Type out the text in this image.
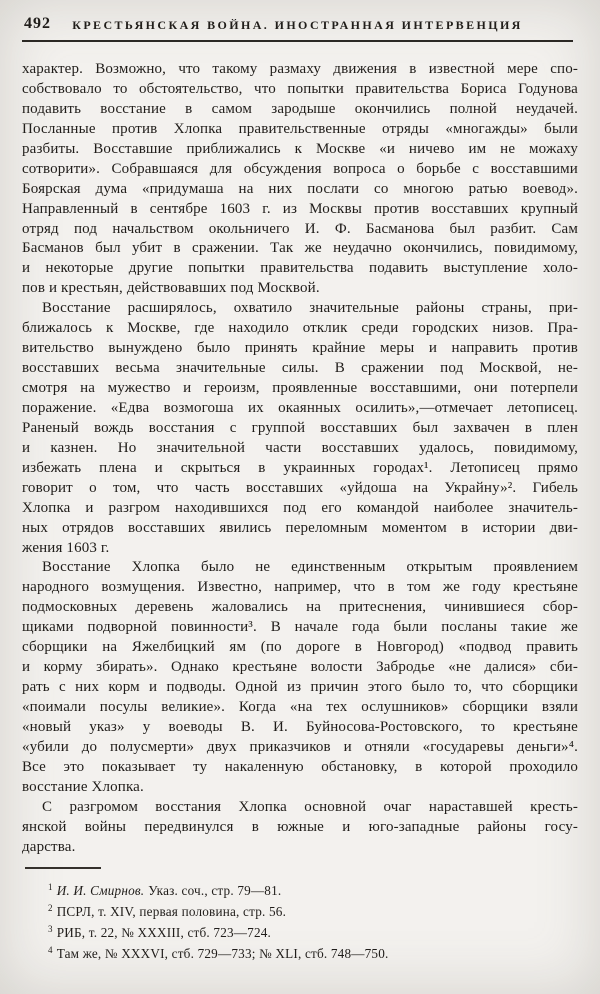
492	КРЕСТЬЯНСКАЯ ВОЙНА. ИНОСТРАННАЯ ИНТЕРВЕНЦИЯ
характер. Возможно, что такому размаху движения в известной мере спо-
собствовало то обстоятельство, что попытки правительства Бориса Годунова
подавить восстание в самом зародыше окончились полной неудачей.
Посланные против Хлопка правительственные отряды «многажды» были
разбиты. Восставшие приближались к Москве «и ничево им не можаху
сотворити». Собравшаяся для обсуждения вопроса о борьбе с восставшими
Боярская дума «придумаша на них послати со многою ратью воевод».
Направленный в сентябре 1603 г. из Москвы против восставших крупный
отряд под начальством окольничего И. Ф. Басманова был разбит. Сам
Басманов был убит в сражении. Так же неудачно окончились, повидимому,
и некоторые другие попытки правительства подавить выступление холо-
пов и крестьян, действовавших под Москвой.
Восстание расширялось, охватило значительные районы страны, при-
ближалось к Москве, где находило отклик среди городских низов. Пра-
вительство вынуждено было принять крайние меры и направить против
восставших весьма значительные силы. В сражении под Москвой, не-
смотря на мужество и героизм, проявленные восставшими, они потерпели
поражение. «Едва возмогоша их окаянных осилить»,—отмечает летописец.
Раненый вождь восстания с группой восставших был захвачен в плен
и казнен. Но значительной части восставших удалось, повидимому,
избежать плена и скрыться в украинных городах¹. Летописец прямо
говорит о том, что часть восставших «уйдоша на Украйну»². Гибель
Хлопка и разгром находившихся под его командой наиболее значитель-
ных отрядов восставших явились переломным моментом в истории дви-
жения 1603 г.
Восстание Хлопка было не единственным открытым проявлением
народного возмущения. Известно, например, что в том же году крестьяне
подмосковных деревень жаловались на притеснения, чинившиеся сбор-
щиками подворной повинности³. В начале года были посланы такие же
сборщики на Яжелбицкий ям (по дороге в Новгород) «подвод править
и корму збирать». Однако крестьяне волости Забродье «не далися» сби-
рать с них корм и подводы. Одной из причин этого было то, что сборщики
«поимали посулы великие». Когда «на тех ослушников» сборщики взяли
«новый указ» у воеводы В. И. Буйносова-Ростовского, то крестьяне
«убили до полусмерти» двух приказчиков и отняли «государевы деньги»⁴.
Все это показывает ту накаленную обстановку, в которой проходило
восстание Хлопка.
С разгромом восстания Хлопка основной очаг нараставшей кресть-
янской войны передвинулся в южные и юго-западные районы госу-
дарства.
$^1$ И. И. Смирнов. Указ. соч., стр. 79—81.
$^2$ ПСРЛ, т. XIV, первая половина, стр. 56.
$^3$ РИБ, т. 22, № XXXIII, стб. 723—724.
$^4$ Там же, № XXXVI, стб. 729—733; № XLI, стб. 748—750.
